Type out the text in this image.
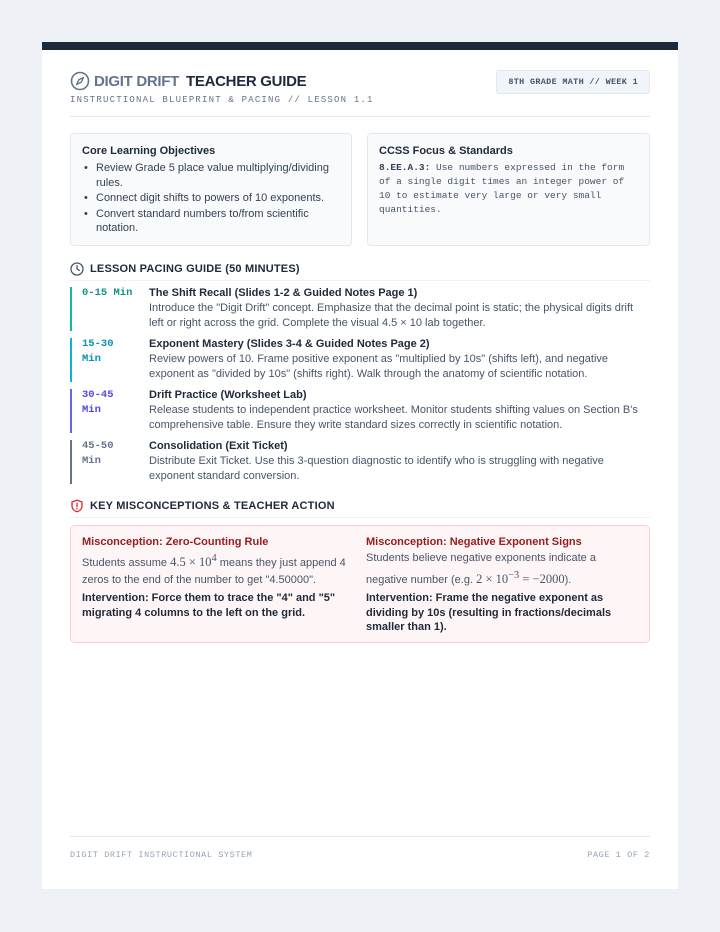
DIGIT DRIFT TEACHER GUIDE
INSTRUCTIONAL BLUEPRINT & PACING // LESSON 1.1
8TH GRADE MATH // WEEK 1
Core Learning Objectives
• Review Grade 5 place value multiplying/dividing rules.
• Connect digit shifts to powers of 10 exponents.
• Convert standard numbers to/from scientific notation.
CCSS Focus & Standards
8.EE.A.3: Use numbers expressed in the form of a single digit times an integer power of 10 to estimate very large or very small quantities.
LESSON PACING GUIDE (50 MINUTES)
0-15 Min	The Shift Recall (Slides 1-2 & Guided Notes Page 1)
Introduce the "Digit Drift" concept. Emphasize that the decimal point is static; the physical digits drift left or right across the grid. Complete the visual 4.5 × 10 lab together.
15-30 Min
Exponent Mastery (Slides 3-4 & Guided Notes Page 2)
Review powers of 10. Frame positive exponent as "multiplied by 10s" (shifts left), and negative exponent as "divided by 10s" (shifts right). Walk through the anatomy of scientific notation.
30-45 Min
Drift Practice (Worksheet Lab)
Release students to independent practice worksheet. Monitor students shifting values on Section B's comprehensive table. Ensure they write standard sizes correctly in scientific notation.
45-50 Min
Consolidation (Exit Ticket)
Distribute Exit Ticket. Use this 3-question diagnostic to identify who is struggling with negative exponent standard conversion.
KEY MISCONCEPTIONS & TEACHER ACTION
Misconception: Zero-Counting Rule

Students assume $4.5 \times 10^4$ means they just append 4 zeros to the end of the number to get "4.50000".

Intervention: Force them to trace the "4" and "5" migrating 4 columns to the left on the grid.
Misconception: Negative Exponent Signs

Students believe negative exponents indicate a negative number (e.g. $2 \times 10^{-3} = -2000$).

Intervention: Frame the negative exponent as dividing by 10s (resulting in fractions/decimals smaller than 1).
DIGIT DRIFT INSTRUCTIONAL SYSTEM	PAGE 1 OF 2
